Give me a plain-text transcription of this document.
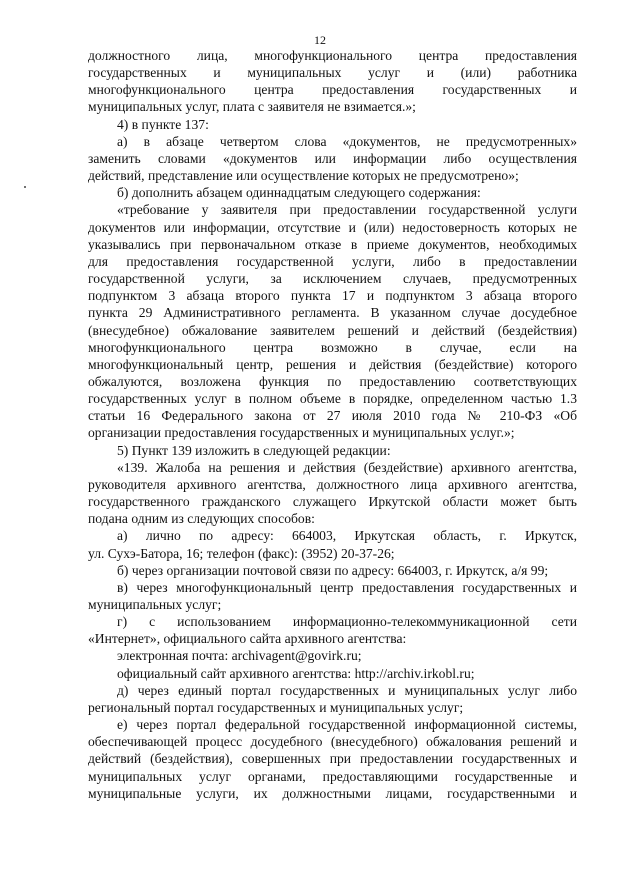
12
должностного лица, многофункционального центра предоставления
государственных и муниципальных услуг и (или) работника
многофункционального центра предоставления государственных и
муниципальных услуг, плата с заявителя не взимается.»;
4) в пункте 137:
а) в абзаце четвертом слова «документов, не предусмотренных»
заменить словами «документов или информации либо осуществления
действий, представление или осуществление которых не предусмотрено»;
б) дополнить абзацем одиннадцатым следующего содержания:
«требование у заявителя при предоставлении государственной услуги
документов или информации, отсутствие и (или) недостоверность которых не
указывались при первоначальном отказе в приеме документов, необходимых
для предоставления государственной услуги, либо в предоставлении
государственной услуги, за исключением случаев, предусмотренных
подпунктом 3 абзаца второго пункта 17 и подпунктом 3 абзаца второго
пункта 29 Административного регламента. В указанном случае досудебное
(внесудебное) обжалование заявителем решений и действий (бездействия)
многофункционального центра возможно в случае, если на
многофункциональный центр, решения и действия (бездействие) которого
обжалуются, возложена функция по предоставлению соответствующих
государственных услуг в полном объеме в порядке, определенном частью 1.3
статьи 16 Федерального закона от 27 июля 2010 года № 210-ФЗ «Об
организации предоставления государственных и муниципальных услуг.»;
5) Пункт 139 изложить в следующей редакции:
«139. Жалоба на решения и действия (бездействие) архивного агентства,
руководителя архивного агентства, должностного лица архивного агентства,
государственного гражданского служащего Иркутской области может быть
подана одним из следующих способов:
а) лично по адресу: 664003, Иркутская область, г. Иркутск,
ул. Сухэ-Батора, 16; телефон (факс): (3952) 20-37-26;
б) через организации почтовой связи по адресу: 664003, г. Иркутск, а/я 99;
в) через многофункциональный центр предоставления государственных и
муниципальных услуг;
г) с использованием информационно-телекоммуникационной сети
«Интернет», официального сайта архивного агентства:
электронная почта: archivagent@govirk.ru;
официальный сайт архивного агентства: http://archiv.irkobl.ru;
д) через единый портал государственных и муниципальных услуг либо
региональный портал государственных и муниципальных услуг;
е) через портал федеральной государственной информационной системы,
обеспечивающей процесс досудебного (внесудебного) обжалования решений и
действий (бездействия), совершенных при предоставлении государственных и
муниципальных услуг органами, предоставляющими государственные и
муниципальные услуги, их должностными лицами, государственными и
